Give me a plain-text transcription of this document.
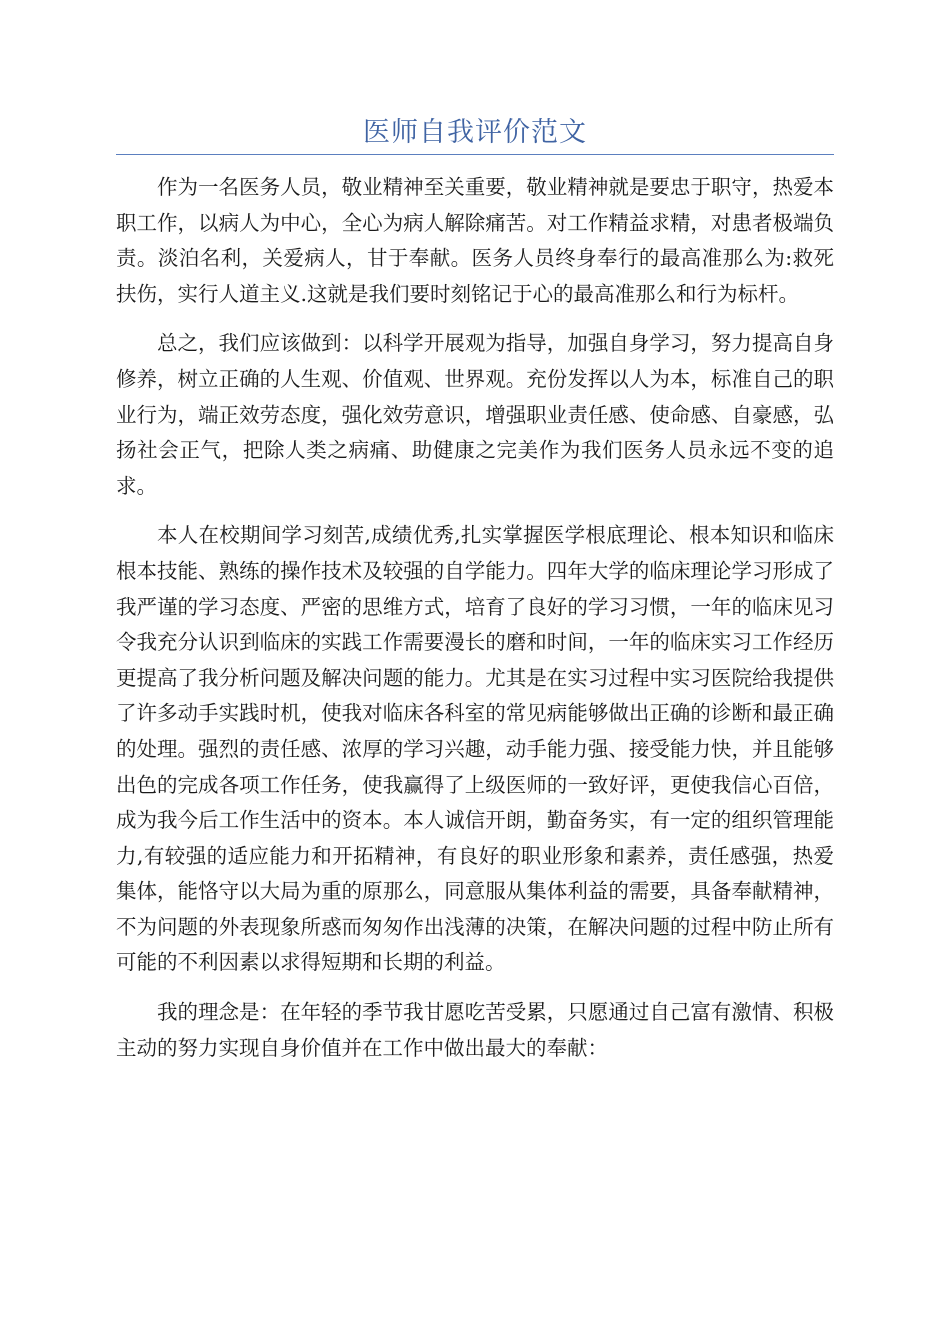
医师自我评价范文

作为一名医务人员，敬业精神至关重要，敬业精神就是要忠于职守，热爱本职工作，以病人为中心，全心为病人解除痛苦。对工作精益求精，对患者极端负责。淡泊名利，关爱病人，甘于奉献。医务人员终身奉行的最高准那么为:救死扶伤，实行人道主义.这就是我们要时刻铭记于心的最高准那么和行为标杆。

总之，我们应该做到：以科学开展观为指导，加强自身学习，努力提高自身修养，树立正确的人生观、价值观、世界观。充份发挥以人为本，标准自己的职业行为，端正效劳态度，强化效劳意识，增强职业责任感、使命感、自豪感，弘扬社会正气，把除人类之病痛、助健康之完美作为我们医务人员永远不变的追求。

本人在校期间学习刻苦,成绩优秀,扎实掌握医学根底理论、根本知识和临床根本技能、熟练的操作技术及较强的自学能力。四年大学的临床理论学习形成了我严谨的学习态度、严密的思维方式，培育了良好的学习习惯，一年的临床见习令我充分认识到临床的实践工作需要漫长的磨和时间，一年的临床实习工作经历更提高了我分析问题及解决问题的能力。尤其是在实习过程中实习医院给我提供了许多动手实践时机，使我对临床各科室的常见病能够做出正确的诊断和最正确的处理。强烈的责任感、浓厚的学习兴趣，动手能力强、接受能力快，并且能够出色的完成各项工作任务，使我赢得了上级医师的一致好评，更使我信心百倍，成为我今后工作生活中的资本。本人诚信开朗，勤奋务实，有一定的组织管理能力,有较强的适应能力和开拓精神，有良好的职业形象和素养，责任感强，热爱集体，能恪守以大局为重的原那么，同意服从集体利益的需要，具备奉献精神，不为问题的外表现象所惑而匆匆作出浅薄的决策，在解决问题的过程中防止所有可能的不利因素以求得短期和长期的利益。

我的理念是：在年轻的季节我甘愿吃苦受累，只愿通过自己富有激情、积极主动的努力实现自身价值并在工作中做出最大的奉献：
